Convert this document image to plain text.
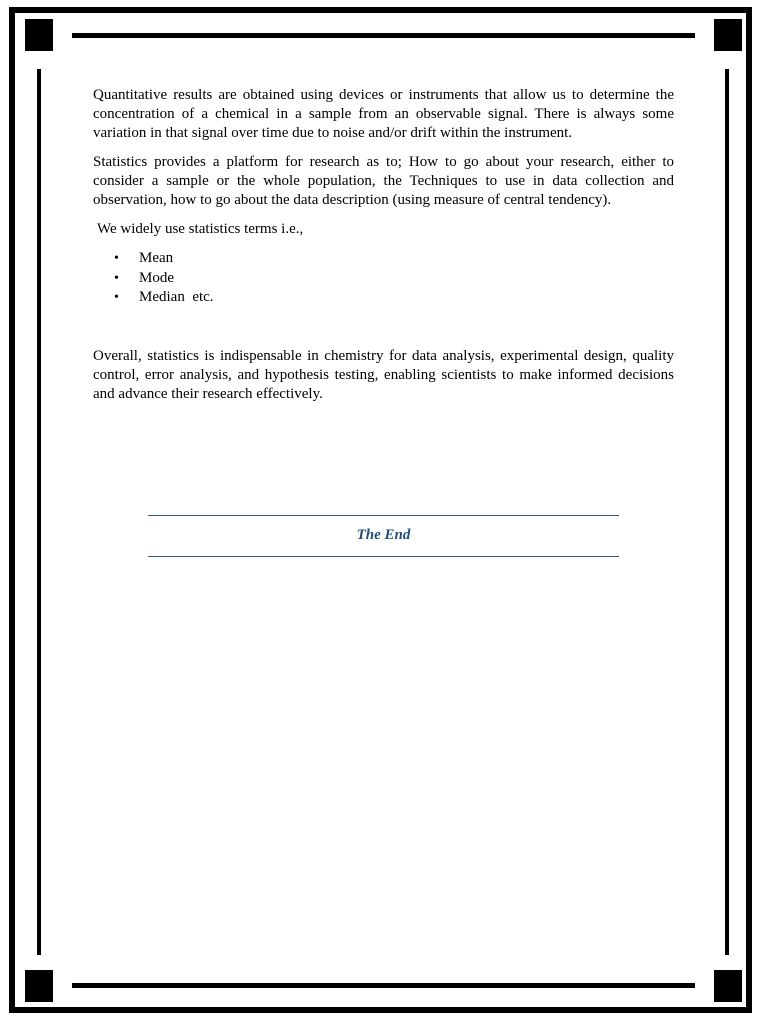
Quantitative results are obtained using devices or instruments that allow us to determine the concentration of a chemical in a sample from an observable signal. There is always some variation in that signal over time due to noise and/or drift within the instrument.

Statistics provides a platform for research as to; How to go about your research, either to consider a sample or the whole population, the Techniques to use in data collection and observation, how to go about the data description (using measure of central tendency).

We widely use statistics terms i.e.,

• Mean
• Mode
• Median  etc.

Overall, statistics is indispensable in chemistry for data analysis, experimental design, quality control, error analysis, and hypothesis testing, enabling scientists to make informed decisions and advance their research effectively.

The End
